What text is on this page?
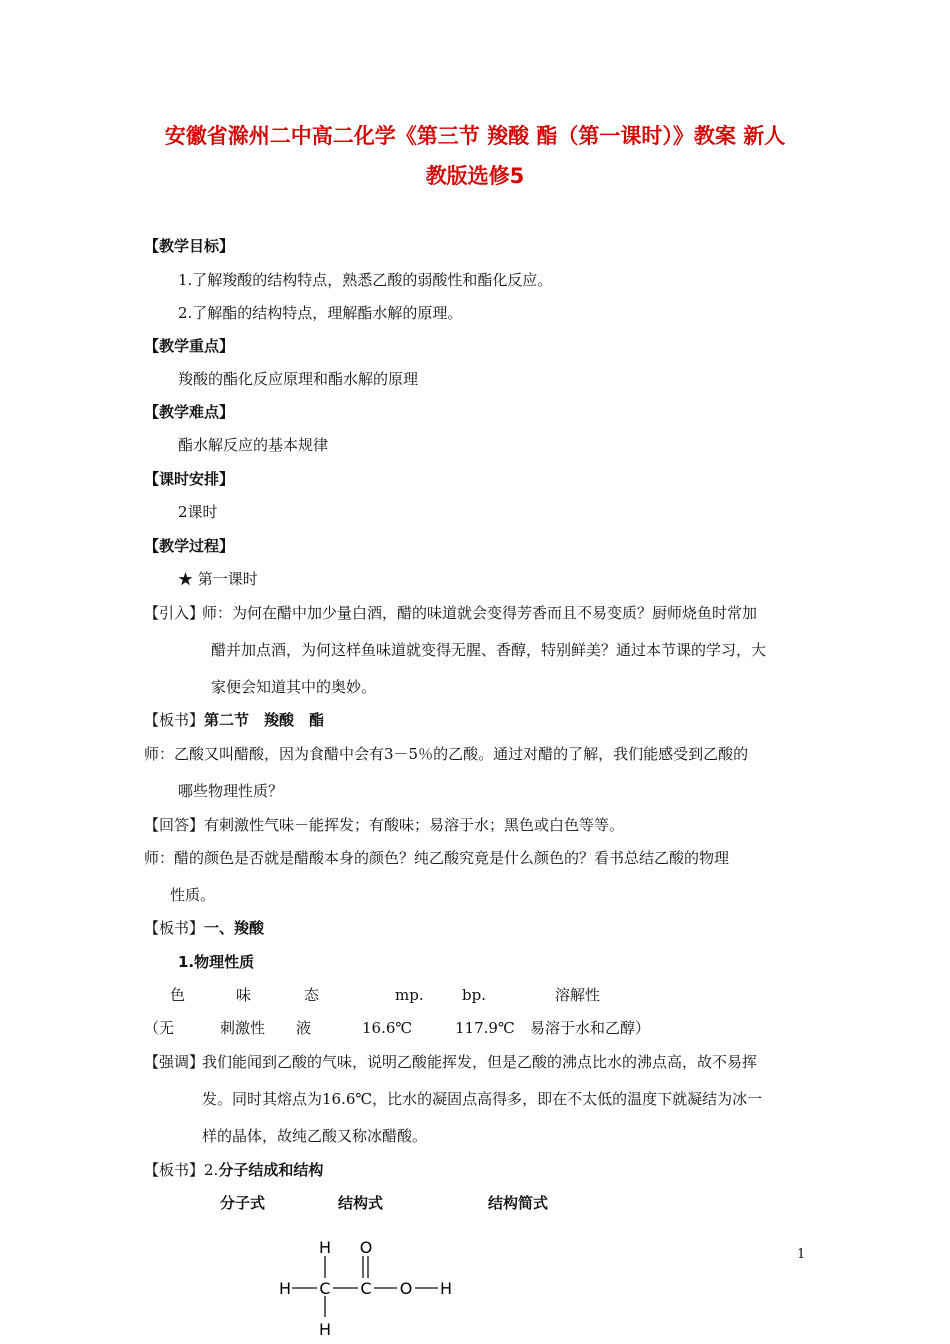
安徽省滁州二中高二化学《第三节 羧酸 酯（第一课时）》教案 新人
教版选修5
【教学目标】
1.了解羧酸的结构特点，熟悉乙酸的弱酸性和酯化反应。
2.了解酯的结构特点，理解酯水解的原理。
【教学重点】
羧酸的酯化反应原理和酯水解的原理
【教学难点】
酯水解反应的基本规律
【课时安排】
2课时
【教学过程】
★ 第一课时
【引入】
师：为何在醋中加少量白酒，醋的味道就会变得芳香而且不易变质？厨师烧鱼时常加
醋并加点酒，为何这样鱼味道就变得无腥、香醇，特别鲜美？通过本节课的学习，大
家便会知道其中的奥妙。
【板书】第二节　羧酸　酯
师：乙酸又叫醋酸，因为食醋中会有3－5％的乙酸。通过对醋的了解，我们能感受到乙酸的
哪些物理性质？
【回答】有刺激性气味－能挥发；有酸味；易溶于水；黑色或白色等等。
师：醋的颜色是否就是醋酸本身的颜色？纯乙酸究竟是什么颜色的？看书总结乙酸的物理
性质。
【板书】一、羧酸
1.物理性质
色	味	态	mp.	bp.	溶解性
（无	刺激性 液	16.6℃	117.9℃ 易溶于水和乙醇）
【强调】
我们能闻到乙酸的气味，说明乙酸能挥发，但是乙酸的沸点比水的沸点高，故不易挥
发。同时其熔点为16.6℃，比水的凝固点高得多，即在不太低的温度下就凝结为冰一
样的晶体，故纯乙酸又称冰醋酸。
【板书】2.分子结成和结构
分子式	结构式	结构简式
H O
H C C O H
H
1
